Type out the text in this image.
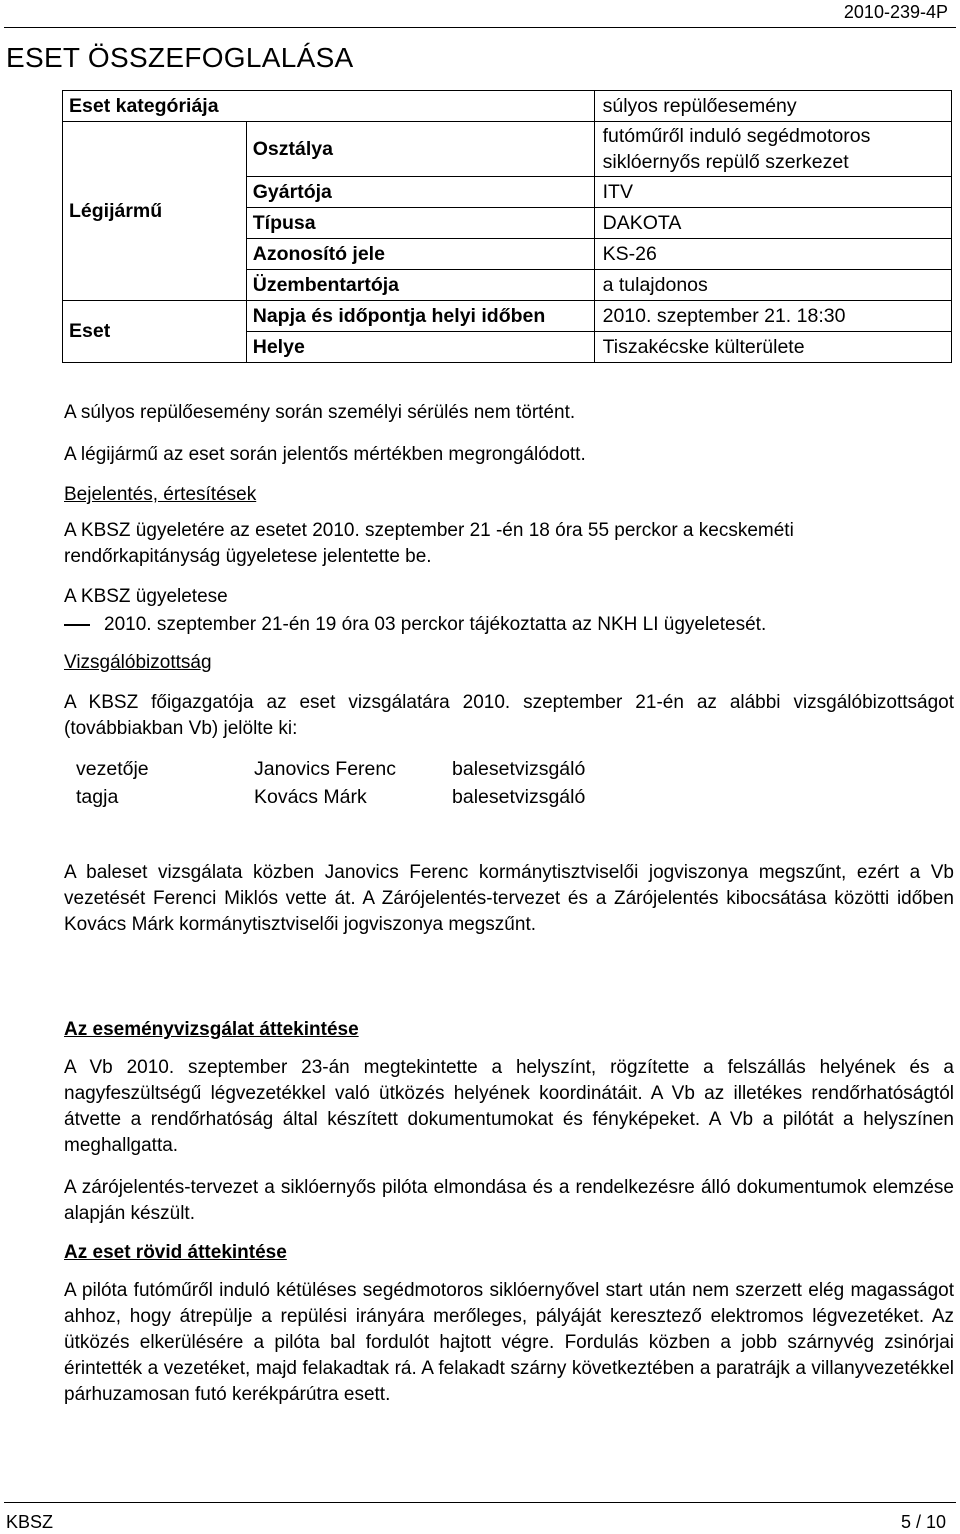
2010-239-4P
ESET ÖSSZEFOGLALÁSA
Eset kategóriája		súlyos repülőesemény
Légijármű	Osztálya	futóműről induló segédmotoros
siklóernyős repülő szerkezet

	Gyártója	ITV
	Típusa	DAKOTA
	Azonosító jele	KS-26
	Üzembentartója	a tulajdonos
Eset	Napja és időpontja helyi időben	2010. szeptember 21. 18:30
	Helye	Tiszakécske külterülete

A súlyos repülőesemény során személyi sérülés nem történt.

A légijármű az eset során jelentős mértékben megrongálódott.

Bejelentés, értesítések

A KBSZ ügyeletére az esetet 2010. szeptember 21 -én 18 óra 55 perckor a kecskeméti rendőrkapitányság ügyeletese jelentette be.

A KBSZ ügyeletese

2010. szeptember 21-én 19 óra 03 perckor tájékoztatta az NKH LI ügyeletesét.

Vizsgálóbizottság

A KBSZ főigazgatója az eset vizsgálatára 2010. szeptember 21-én az alábbi vizsgálóbizottságot (továbbiakban Vb) jelölte ki:

vezetője	Janovics Ferenc	balesetvizsgáló
tagja	Kovács Márk	balesetvizsgáló

A baleset vizsgálata közben Janovics Ferenc kormánytisztviselői jogviszonya megszűnt, ezért a Vb vezetését Ferenci Miklós vette át. A Zárójelentés-tervezet és a Zárójelentés kibocsátása közötti időben Kovács Márk kormánytisztviselői jogviszonya megszűnt.

Az eseményvizsgálat áttekintése

A Vb 2010. szeptember 23-án megtekintette a helyszínt, rögzítette a felszállás helyének és a nagyfeszültségű légvezetékkel való ütközés helyének koordinátáit. A Vb az illetékes rendőrhatóságtól átvette a rendőrhatóság által készített dokumentumokat és fényképeket. A Vb a pilótát a helyszínen meghallgatta.

A zárójelentés-tervezet a siklóernyős pilóta elmondása és a rendelkezésre álló dokumentumok elemzése alapján készült.

Az eset rövid áttekintése

A pilóta futóműről induló kétüléses segédmotoros siklóernyővel start után nem szerzett elég magasságot ahhoz, hogy átrepülje a repülési irányára merőleges, pályáját keresztező elektromos légvezetéket. Az ütközés elkerülésére a pilóta bal fordulót hajtott végre. Fordulás közben a jobb szárnyvég zsinórjai érintették a vezetéket, majd felakadtak rá. A felakadt szárny következtében a paratrájk a villanyvezetékkel párhuzamosan futó kerékpárútra esett.

KBSZ	5 / 10
